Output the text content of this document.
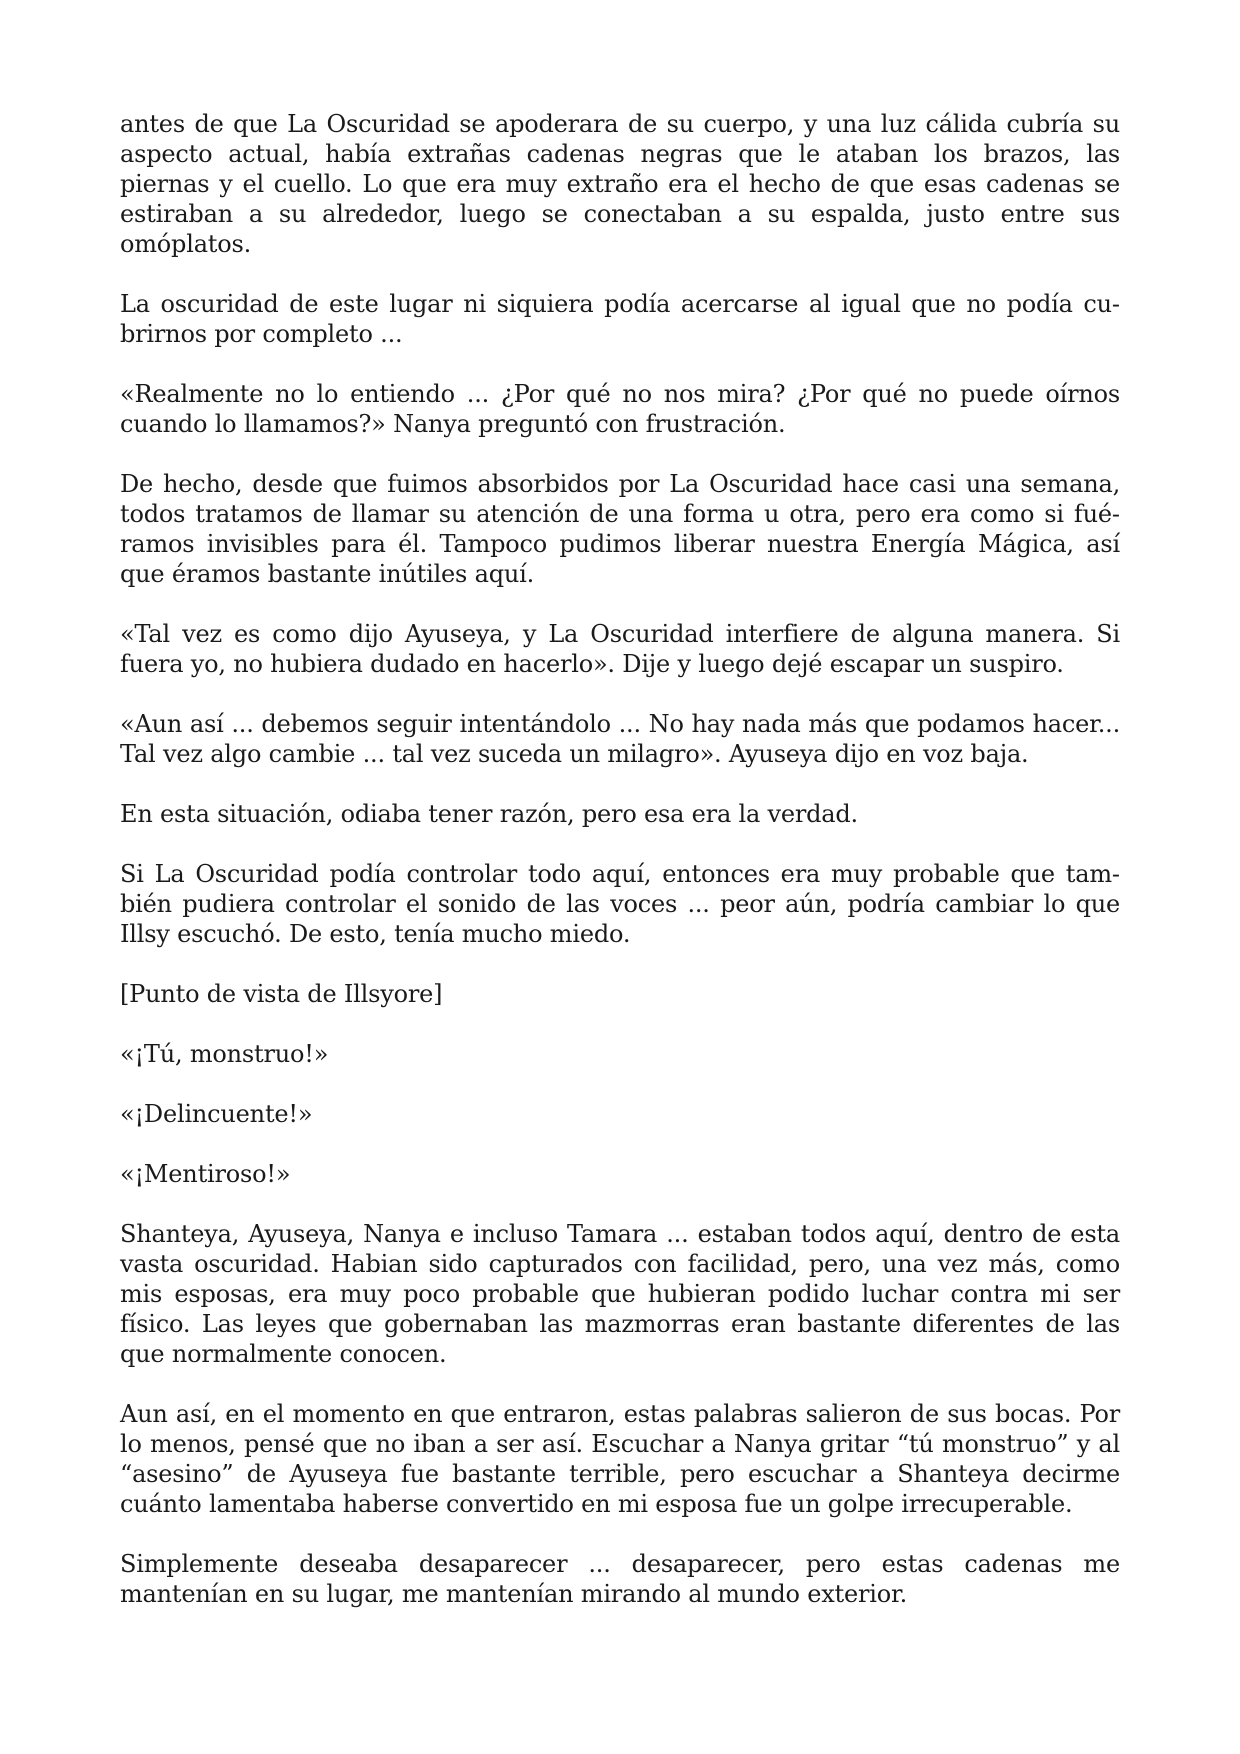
antes de que La Oscuridad se apoderara de su cuerpo, y una luz cálida cubría su aspecto actual, había extrañas cadenas negras que le ataban los brazos, las piernas y el cuello. Lo que era muy extraño era el hecho de que esas cadenas se estiraban a su alrededor, luego se conectaban a su espalda, justo entre sus omóplatos.

La oscuridad de este lugar ni siquiera podía acercarse al igual que no podía cubrirnos por completo ...

«Realmente no lo entiendo ... ¿Por qué no nos mira? ¿Por qué no puede oírnos cuando lo llamamos?» Nanya preguntó con frustración.

De hecho, desde que fuimos absorbidos por La Oscuridad hace casi una semana, todos tratamos de llamar su atención de una forma u otra, pero era como si fuéramos invisibles para él. Tampoco pudimos liberar nuestra Energía Mágica, así que éramos bastante inútiles aquí.

«Tal vez es como dijo Ayuseya, y La Oscuridad interfiere de alguna manera. Si fuera yo, no hubiera dudado en hacerlo». Dije y luego dejé escapar un suspiro.

«Aun así ... debemos seguir intentándolo ... No hay nada más que podamos hacer... Tal vez algo cambie ... tal vez suceda un milagro». Ayuseya dijo en voz baja.

En esta situación, odiaba tener razón, pero esa era la verdad.

Si La Oscuridad podía controlar todo aquí, entonces era muy probable que también pudiera controlar el sonido de las voces ... peor aún, podría cambiar lo que Illsy escuchó. De esto, tenía mucho miedo.

[Punto de vista de Illsyore]

«¡Tú, monstruo!»

«¡Delincuente!»

«¡Mentiroso!»

Shanteya, Ayuseya, Nanya e incluso Tamara ... estaban todos aquí, dentro de esta vasta oscuridad. Habian sido capturados con facilidad, pero, una vez más, como mis esposas, era muy poco probable que hubieran podido luchar contra mi ser físico. Las leyes que gobernaban las mazmorras eran bastante diferentes de las que normalmente conocen.

Aun así, en el momento en que entraron, estas palabras salieron de sus bocas. Por lo menos, pensé que no iban a ser así. Escuchar a Nanya gritar “tú monstruo” y al “asesino” de Ayuseya fue bastante terrible, pero escuchar a Shanteya decirme cuánto lamentaba haberse convertido en mi esposa fue un golpe irrecuperable.

Simplemente deseaba desaparecer ... desaparecer, pero estas cadenas me mantenían en su lugar, me mantenían mirando al mundo exterior.
